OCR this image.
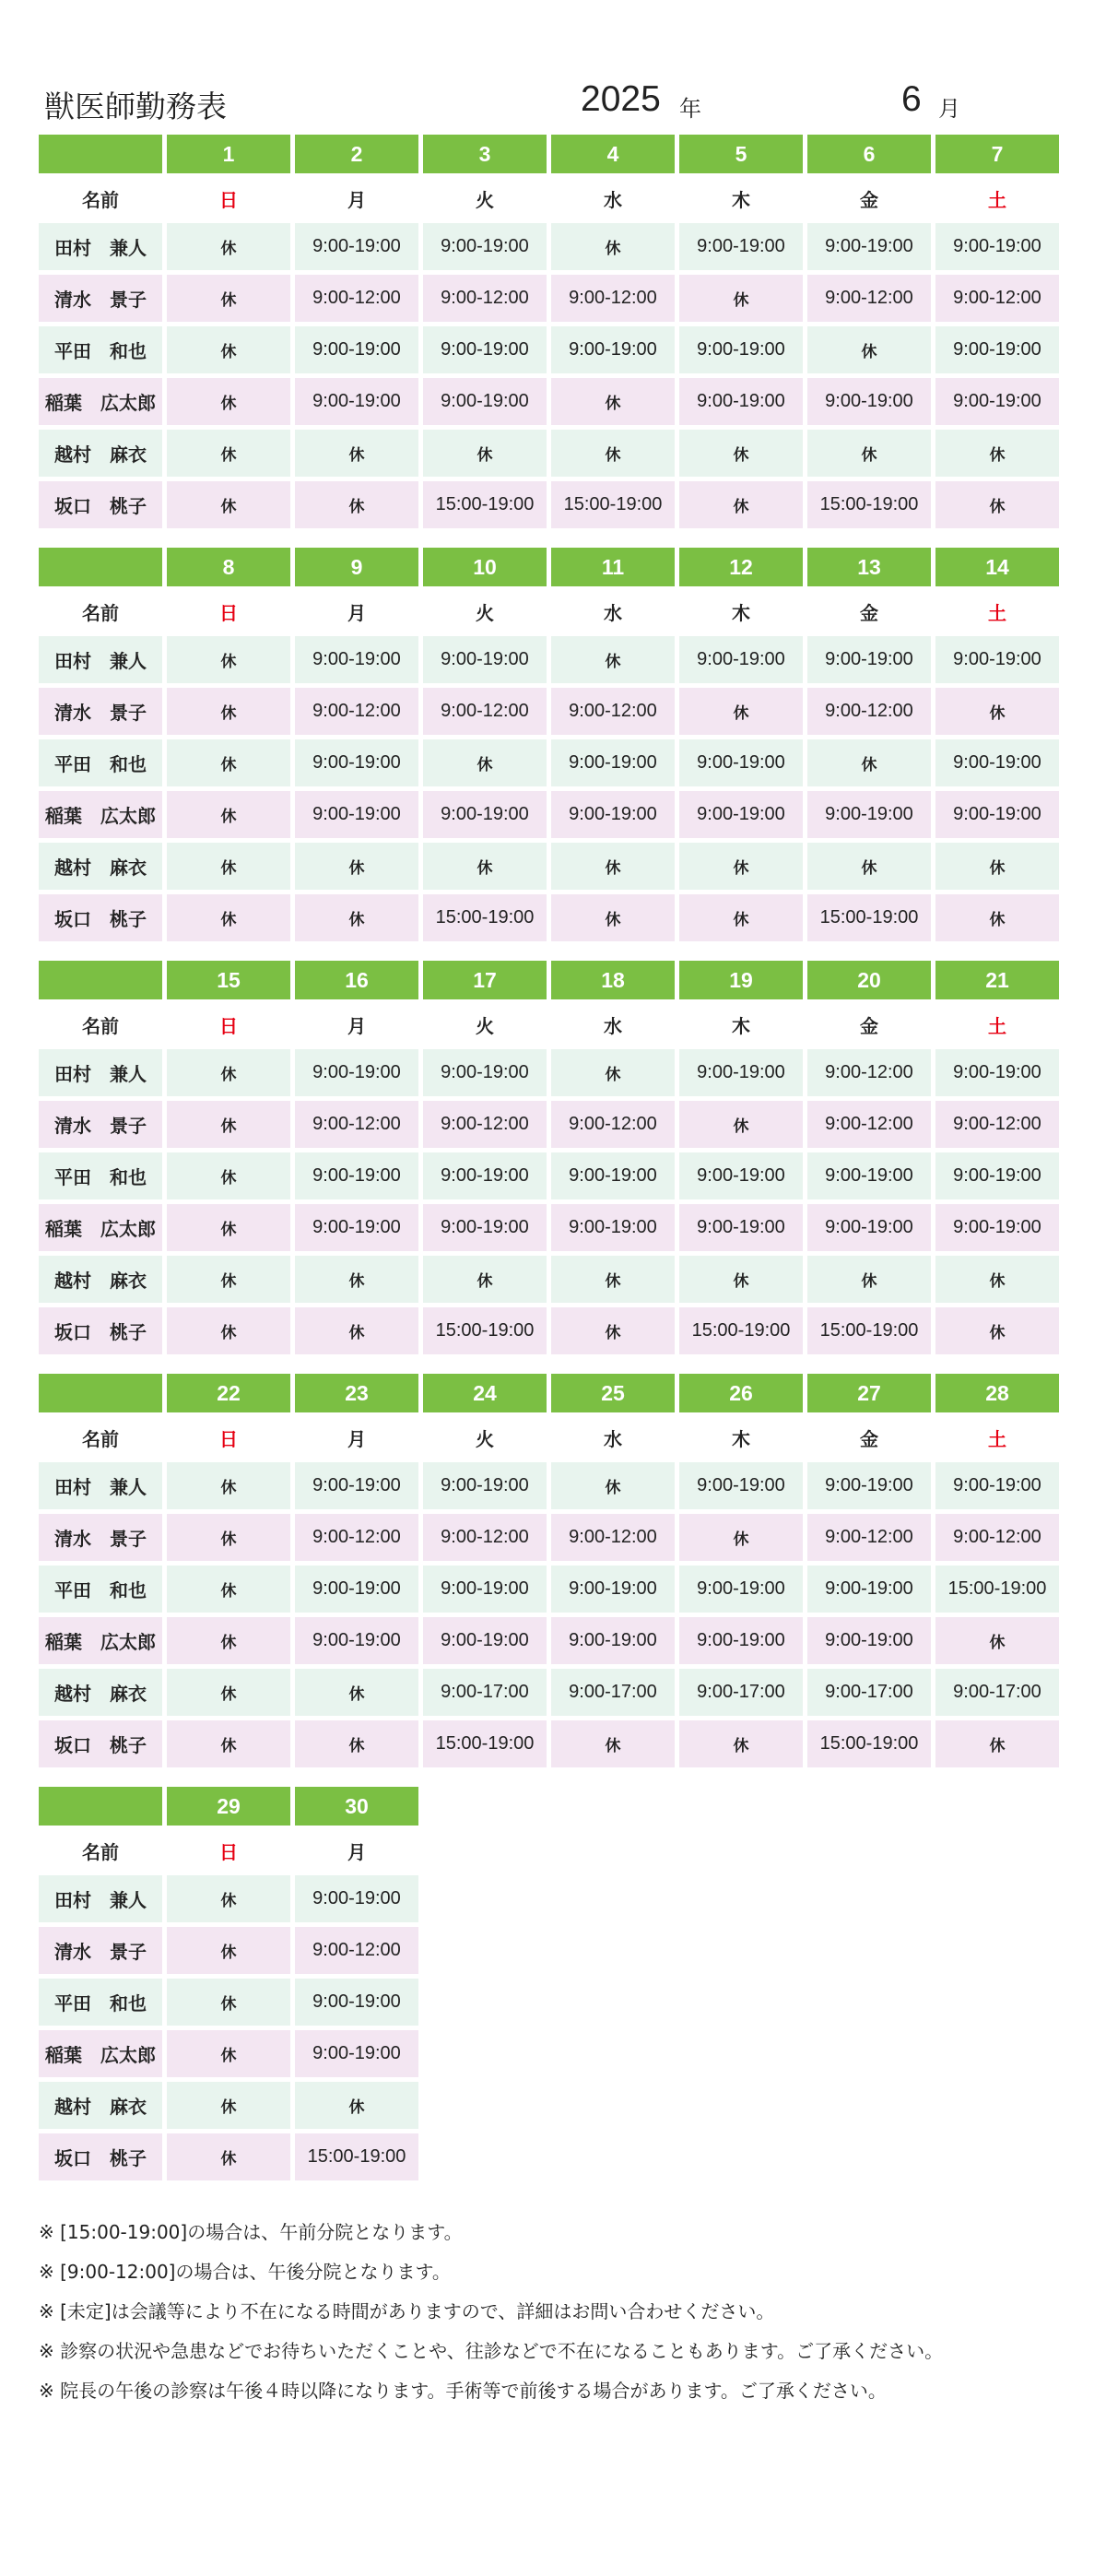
獣医師勤務表	2025 年	6 月
1	2	3	4	5	6	7
名前	日	月	火	水	木	金	土
田村　兼人	休	9:00-19:00	9:00-19:00	休	9:00-19:00	9:00-19:00	9:00-19:00
清水　景子	休	9:00-12:00	9:00-12:00	9:00-12:00	休	9:00-12:00	9:00-12:00
平田　和也	休	9:00-19:00	9:00-19:00	9:00-19:00	9:00-19:00	休	9:00-19:00
稲葉　広太郎	休	9:00-19:00	9:00-19:00	休	9:00-19:00	9:00-19:00	9:00-19:00
越村　麻衣	休	休	休	休	休	休	休
坂口　桃子	休	休	15:00-19:00	15:00-19:00	休	15:00-19:00	休
8	9	10	11	12	13	14
名前	日	月	火	水	木	金	土
田村　兼人	休	9:00-19:00	9:00-19:00	休	9:00-19:00	9:00-19:00	9:00-19:00
清水　景子	休	9:00-12:00	9:00-12:00	9:00-12:00	休	9:00-12:00	休
平田　和也	休	9:00-19:00	休	9:00-19:00	9:00-19:00	休	9:00-19:00
稲葉　広太郎	休	9:00-19:00	9:00-19:00	9:00-19:00	9:00-19:00	9:00-19:00	9:00-19:00
越村　麻衣	休	休	休	休	休	休	休
坂口　桃子	休	休	15:00-19:00	休	休	15:00-19:00	休
15	16	17	18	19	20	21
名前	日	月	火	水	木	金	土
田村　兼人	休	9:00-19:00	9:00-19:00	休	9:00-19:00	9:00-12:00	9:00-19:00
清水　景子	休	9:00-12:00	9:00-12:00	9:00-12:00	休	9:00-12:00	9:00-12:00
平田　和也	休	9:00-19:00	9:00-19:00	9:00-19:00	9:00-19:00	9:00-19:00	9:00-19:00
稲葉　広太郎	休	9:00-19:00	9:00-19:00	9:00-19:00	9:00-19:00	9:00-19:00	9:00-19:00
越村　麻衣	休	休	休	休	休	休	休
坂口　桃子	休	休	15:00-19:00	休	15:00-19:00	15:00-19:00	休
22	23	24	25	26	27	28
名前	日	月	火	水	木	金	土
田村　兼人	休	9:00-19:00	9:00-19:00	休	9:00-19:00	9:00-19:00	9:00-19:00
清水　景子	休	9:00-12:00	9:00-12:00	9:00-12:00	休	9:00-12:00	9:00-12:00
平田　和也	休	9:00-19:00	9:00-19:00	9:00-19:00	9:00-19:00	9:00-19:00	15:00-19:00
稲葉　広太郎	休	9:00-19:00	9:00-19:00	9:00-19:00	9:00-19:00	9:00-19:00	休
越村　麻衣	休	休	9:00-17:00	9:00-17:00	9:00-17:00	9:00-17:00	9:00-17:00
坂口　桃子	休	休	15:00-19:00	休	休	15:00-19:00	休
29	30
名前	日	月
田村　兼人	休	9:00-19:00
清水　景子	休	9:00-12:00
平田　和也	休	9:00-19:00
稲葉　広太郎	休	9:00-19:00
越村　麻衣	休	休
坂口　桃子	休	15:00-19:00
※ [15:00-19:00]の場合は、午前分院となります。
※ [9:00-12:00]の場合は、午後分院となります。
※ [未定]は会議等により不在になる時間がありますので、詳細はお問い合わせください。
※ 診察の状況や急患などでお待ちいただくことや、往診などで不在になることもあります。ご了承ください。
※ 院長の午後の診察は午後４時以降になります。手術等で前後する場合があります。ご了承ください。
